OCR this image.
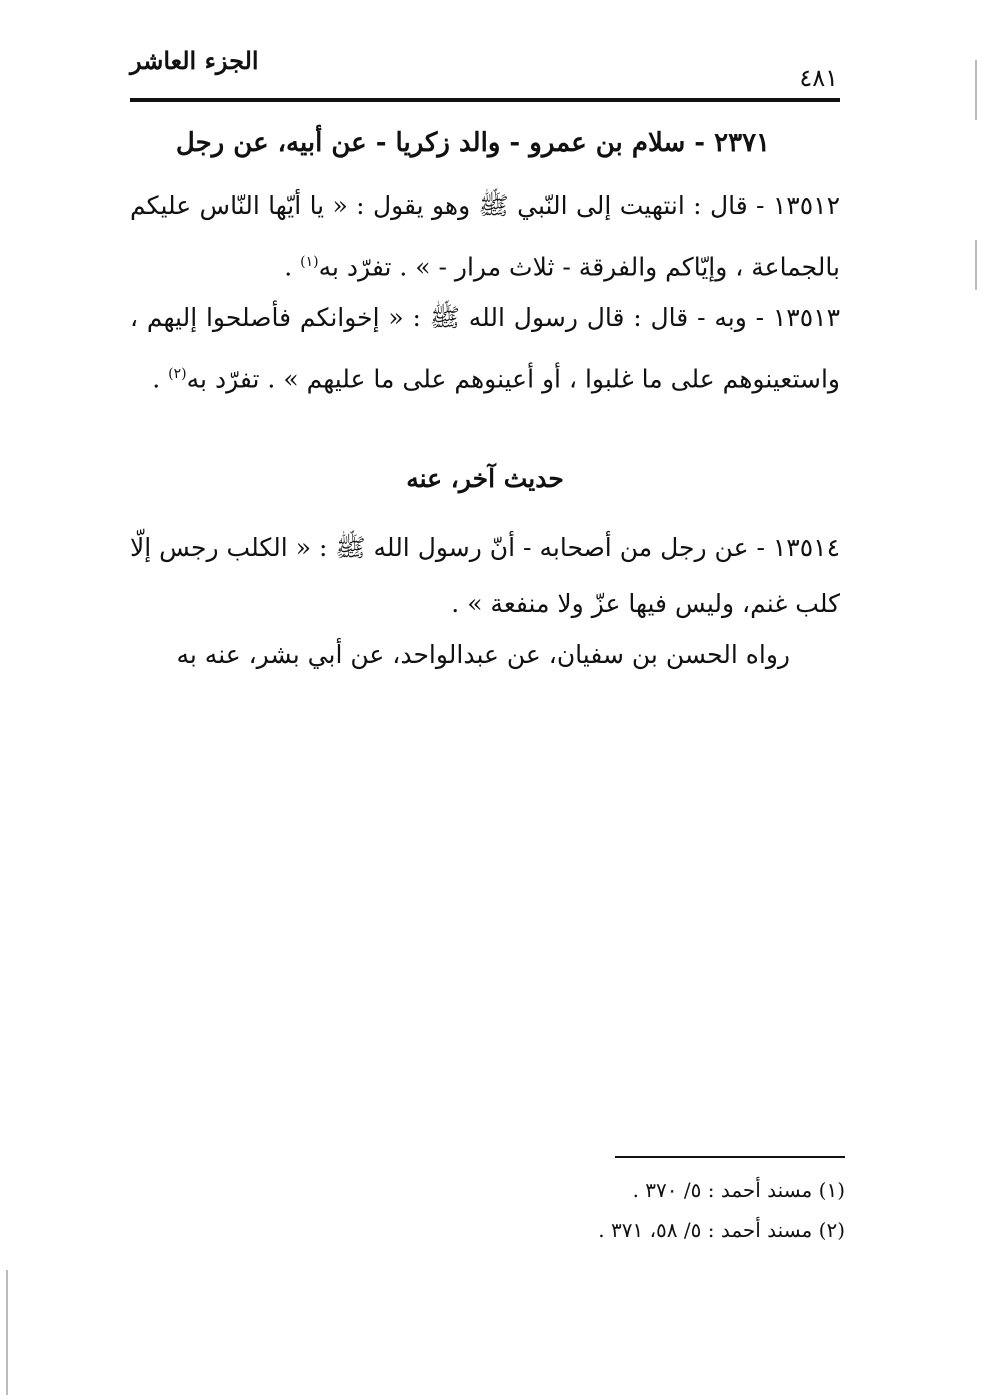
الجزء العاشر
٤٨١
٢٣٧١ - سلام بن عمرو - والد زكريا - عن أبيه، عن رجل
١٣٥١٢ - قال : انتهيت إلى النّبي ﷺ وهو يقول : « يا أيّها النّاس عليكم بالجماعة ، وإيّاكم والفرقة - ثلاث مرار - » . تفرّد به$^{(١)}$ .
١٣٥١٣ - وبه - قال : قال رسول الله ﷺ : « إخوانكم فأصلحوا إليهم ، واستعينوهم على ما غلبوا ، أو أعينوهم على ما عليهم » . تفرّد به$^{(٢)}$ .
حديث آخر، عنه
١٣٥١٤ - عن رجل من أصحابه - أنّ رسول الله ﷺ : « الكلب رجس إلّا كلب غنم، وليس فيها عزّ ولا منفعة » .
رواه الحسن بن سفيان، عن عبدالواحد، عن أبي بشر، عنه به
(١) مسند أحمد : ٥/ ٣٧٠ .
(٢) مسند أحمد : ٥/ ٥٨، ٣٧١ .
